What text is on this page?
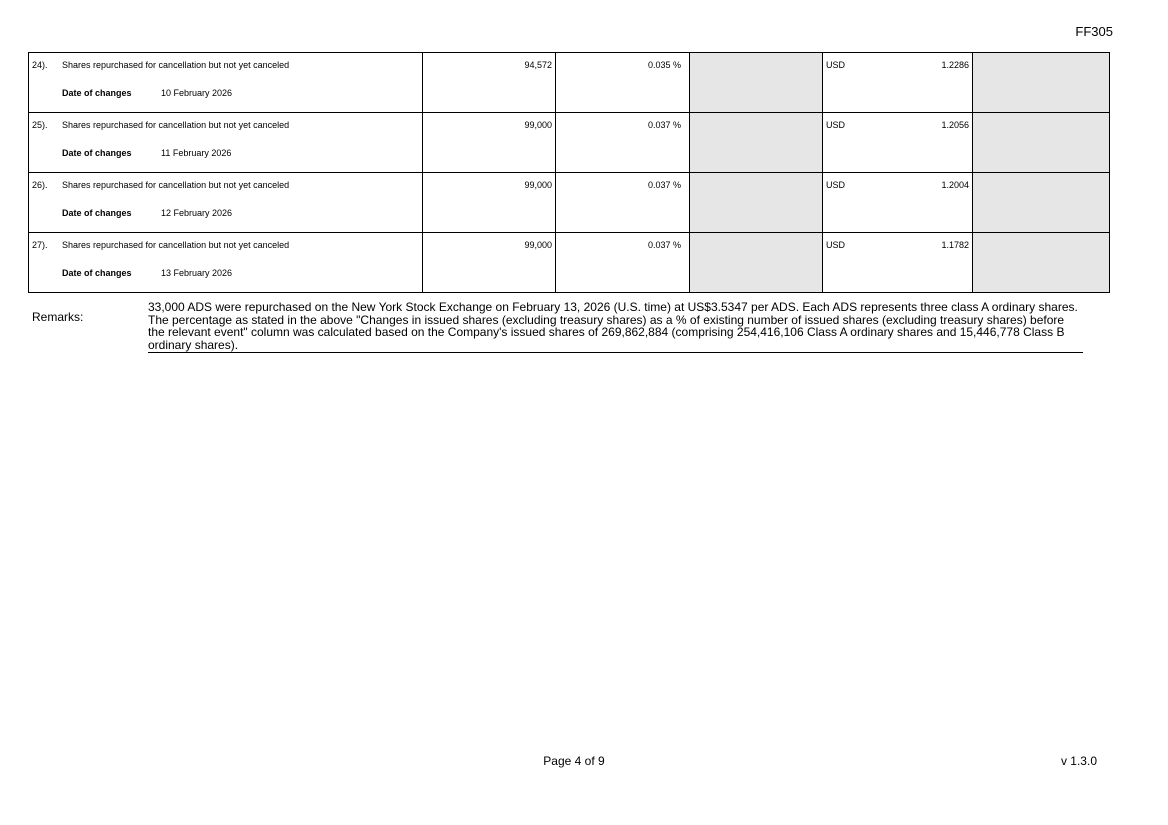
FF305
24). Shares repurchased for cancellation but not yet canceled
Date of changes 10 February 2026	94,572	0.035 %		USD 1.2286	

25). Shares repurchased for cancellation but not yet canceled
Date of changes 11 February 2026	99,000	0.037 %		USD 1.2056	

26). Shares repurchased for cancellation but not yet canceled
Date of changes 12 February 2026	99,000	0.037 %		USD 1.2004	

27). Shares repurchased for cancellation but not yet canceled
Date of changes 13 February 2026	99,000	0.037 %		USD 1.1782	

Remarks:

33,000 ADS were repurchased on the New York Stock Exchange on February 13, 2026 (U.S. time) at US$3.5347 per ADS. Each ADS represents three class A ordinary shares.

The percentage as stated in the above "Changes in issued shares (excluding treasury shares) as a % of existing number of issued shares (excluding treasury shares) before the relevant event" column was calculated based on the Company's issued shares of 269,862,884 (comprising 254,416,106 Class A ordinary shares and 15,446,778 Class B ordinary shares).

Page 4 of 9	v 1.3.0
